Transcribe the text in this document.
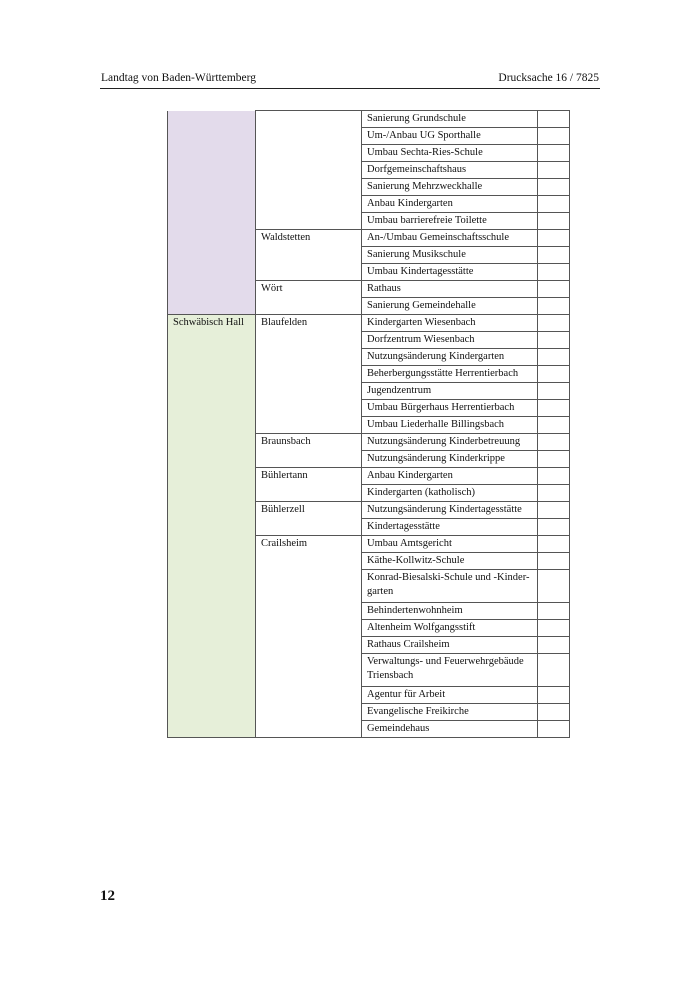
Landtag von Baden-Württemberg	Drucksache 16 / 7825
		Sanierung Grundschule	
		Um-/Anbau UG Sporthalle	
		Umbau Sechta-Ries-Schule	
		Dorfgemeinschaftshaus	
		Sanierung Mehrzweckhalle	
		Anbau Kindergarten	
		Umbau barrierefreie Toilette	
	Waldstetten	An-/Umbau Gemeinschaftsschule	
		Sanierung Musikschule	
		Umbau Kindertagesstätte	
	Wört	Rathaus	
		Sanierung Gemeindehalle	
Schwäbisch Hall	Blaufelden	Kindergarten Wiesenbach	
		Dorfzentrum Wiesenbach	
		Nutzungsänderung Kindergarten	
		Beherbergungsstätte Herrentierbach	
		Jugendzentrum	
		Umbau Bürgerhaus Herrentierbach	
		Umbau Liederhalle Billingsbach	
	Braunsbach	Nutzungsänderung Kinderbetreuung	
		Nutzungsänderung Kinderkrippe	
	Bühlertann	Anbau Kindergarten	
		Kindergarten (katholisch)	
	Bühlerzell	Nutzungsänderung Kindertagesstätte	
		Kindertagesstätte	
	Crailsheim	Umbau Amtsgericht	
		Käthe-Kollwitz-Schule	
		Konrad-Biesalski-Schule und -Kinder-garten	
		Behindertenwohnheim	
		Altenheim Wolfgangsstift	
		Rathaus Crailsheim	
		Verwaltungs- und Feuerwehrgebäude Triensbach	
		Agentur für Arbeit	
		Evangelische Freikirche	
		Gemeindehaus	
12
